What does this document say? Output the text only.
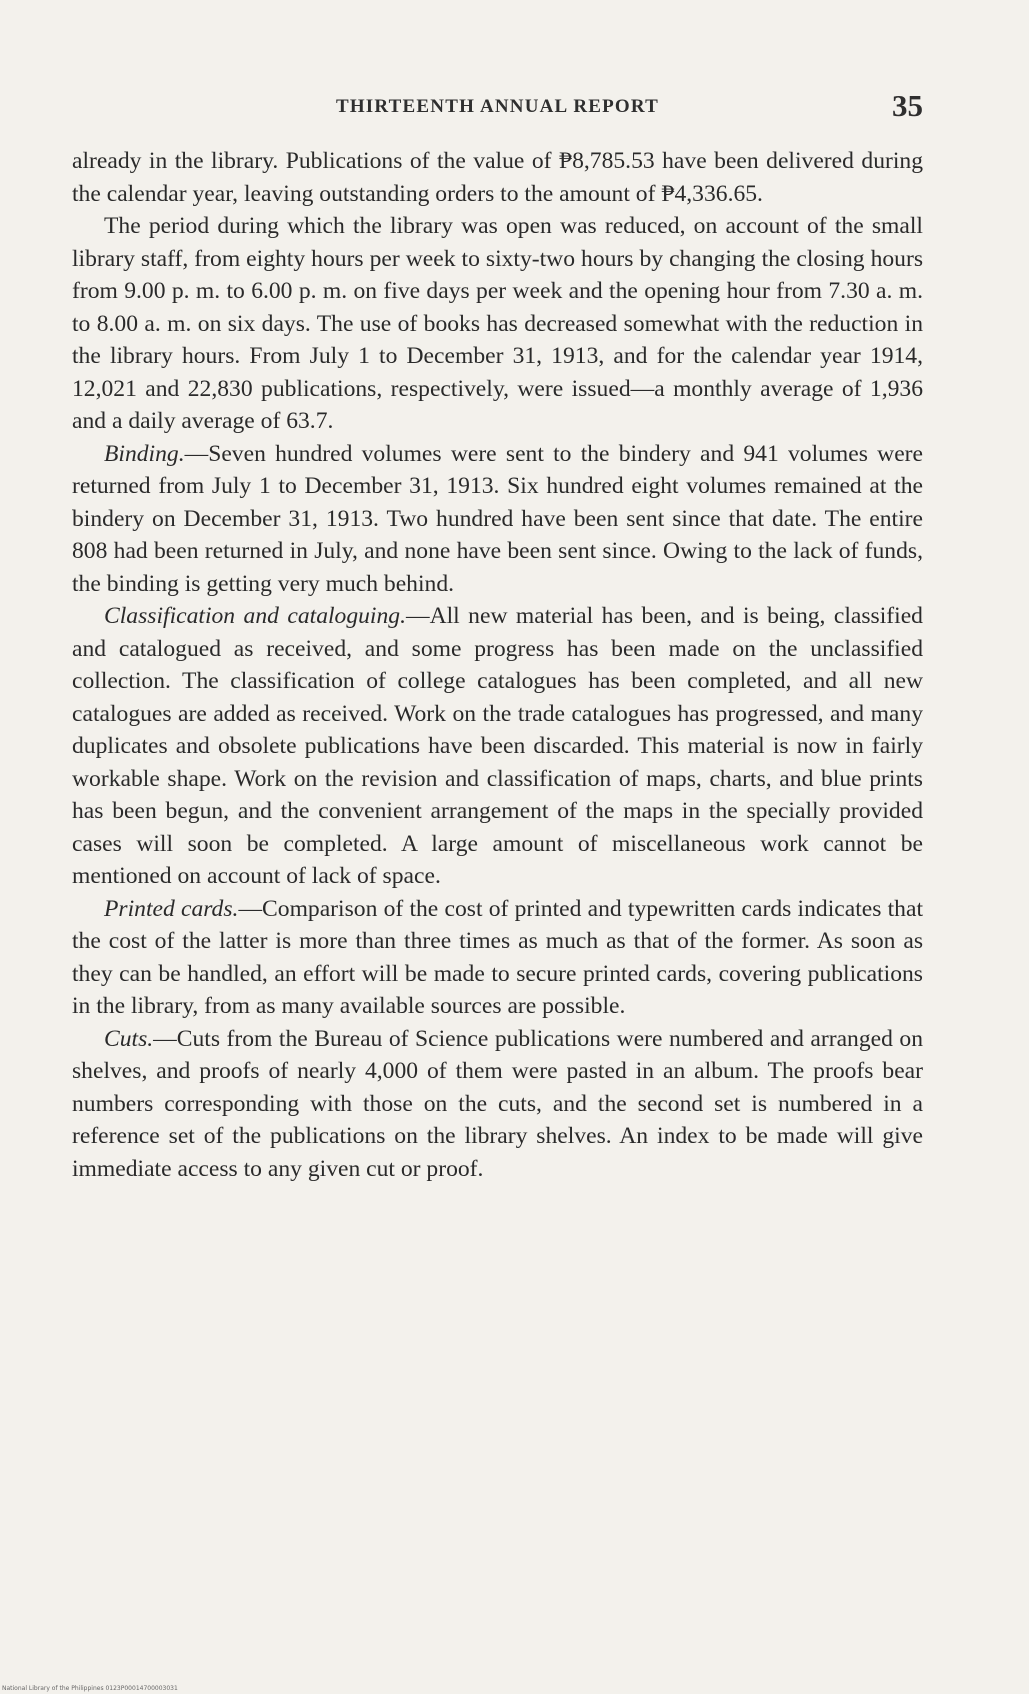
THIRTEENTH ANNUAL REPORT	35

already in the library. Publications of the value of ₱8,785.53 have been delivered during the calendar year, leaving outstanding orders to the amount of ₱4,336.65.

The period during which the library was open was reduced, on account of the small library staff, from eighty hours per week to sixty-two hours by changing the closing hours from 9.00 p. m. to 6.00 p. m. on five days per week and the opening hour from 7.30 a. m. to 8.00 a. m. on six days. The use of books has decreased somewhat with the reduction in the library hours. From July 1 to December 31, 1913, and for the calendar year 1914, 12,021 and 22,830 publications, respectively, were issued—a monthly average of 1,936 and a daily average of 63.7.

Binding.—Seven hundred volumes were sent to the bindery and 941 volumes were returned from July 1 to December 31, 1913. Six hundred eight volumes remained at the bindery on December 31, 1913. Two hundred have been sent since that date. The entire 808 had been returned in July, and none have been sent since. Owing to the lack of funds, the binding is getting very much behind.

Classification and cataloguing.—All new material has been, and is being, classified and catalogued as received, and some progress has been made on the unclassified collection. The classification of college catalogues has been completed, and all new catalogues are added as received. Work on the trade catalogues has progressed, and many duplicates and obsolete publications have been discarded. This material is now in fairly workable shape. Work on the revision and classification of maps, charts, and blue prints has been begun, and the convenient arrangement of the maps in the specially provided cases will soon be completed. A large amount of miscellaneous work cannot be mentioned on account of lack of space.

Printed cards.—Comparison of the cost of printed and typewritten cards indicates that the cost of the latter is more than three times as much as that of the former. As soon as they can be handled, an effort will be made to secure printed cards, covering publications in the library, from as many available sources are possible.

Cuts.—Cuts from the Bureau of Science publications were numbered and arranged on shelves, and proofs of nearly 4,000 of them were pasted in an album. The proofs bear numbers corresponding with those on the cuts, and the second set is numbered in a reference set of the publications on the library shelves. An index to be made will give immediate access to any given cut or proof.

National Library of the Philippines 0123P00014700003031
